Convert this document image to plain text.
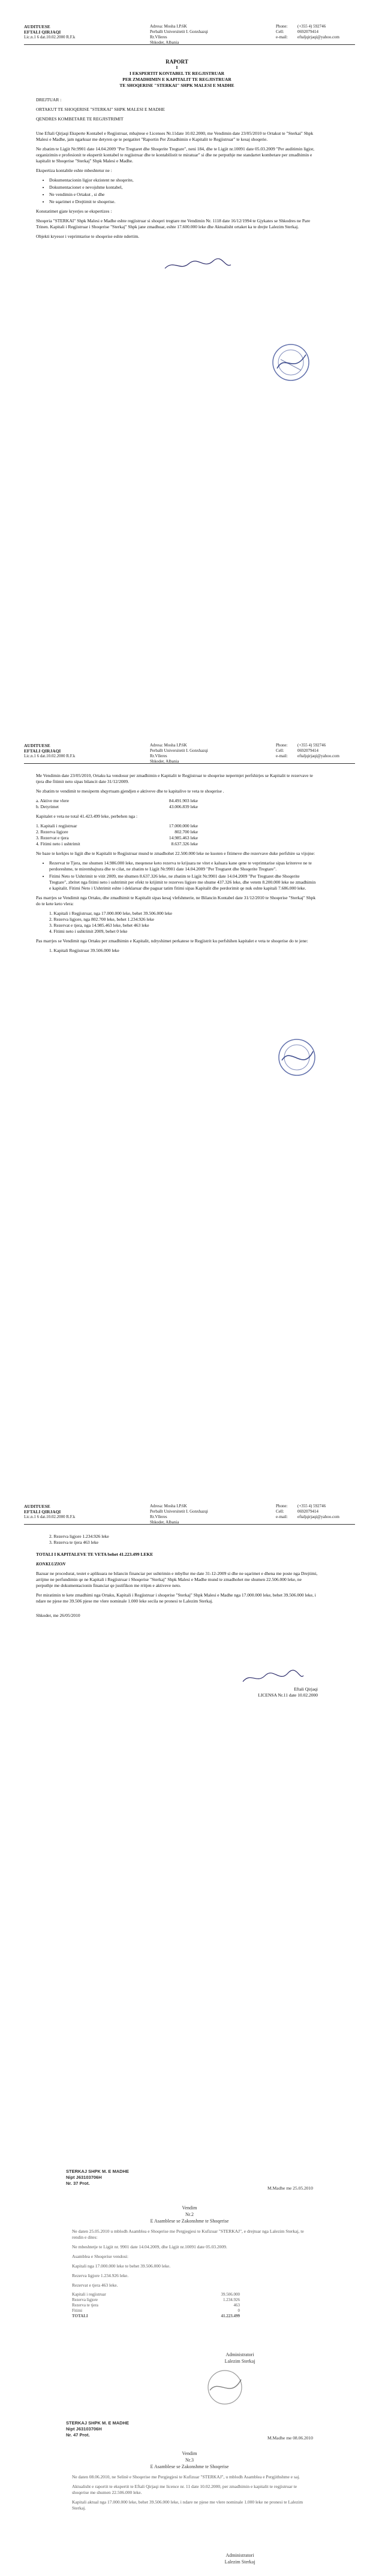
AUDITUESE
EFTALI QIRJAQI
Lic.n.1 6 dat.10.02.2000 R.F.k
Adresa: Mosha I.P.6K
Perballt Universitetit I. Gonxhazqi
Rr.Vlleres
Shkoder, Albania
Phone:	(+355 4) 592746
Cell:	0692079414
e-mail:	eftaljqirjaqi@yahoo.com
RAPORT
I
I EKSPERTIT KONTABEL TE REGJISTRUAR
PER ZMADHIMIN E KAPITALIT TE REGJISTRUAR
TE SHOQERISE "STERKAI" SHPK MALESI E MADHE

DREJTUAR :

ORTAKUT TE SHOQERISE "STERKAI" SHPK MALESI E MADHE

QENDRES KOMBETARE TE REGJISTRIMIT

Une Eftali Qirjaqi Eksperte Kontabel e Regjistruar, mbajtese e Licenses Nr.11date 10.02.2000, me Vendimin date 23/05/2010 te Ortakut te "Sterkai" Shpk Malesi e Madhe, jam ngarkuar me detyren qe te pergatitet "Raportin Per Zmadhimin e Kapitalit te Regjistruar" te kesaj shoqerie.

Ne zbatim te Ligjit Nr.9901 date 14.04.2009 "Per Tregtaret dhe Shoqerite Tregtare", neni 184, dhe te Ligjit nr.10091 date 05.03.2009 "Per auditimin ligjor, organizimin e profesionit te ekspertit kontabel te regjistruar dhe te kontabilistit te miratuar" si dhe ne perputhje me standartet kombetare per zmadhimin e kapitalit te Shoqerise "Sterkaj" Shpk Malesi e Madhe.

Ekspertiza kontabile eshte mbeshtetur ne :

• Dokumentacionin ligjor ekzistent ne shoqerite,
• Dokumentacionet e nevojshme kontabel,
• Ne vendimin e Ortakut , si dhe
• Ne sqarimet e Drejtimit te shoqerise.

Konstatimet gjate kryerjes se ekspertizes :

Shoqeria "STERKAI" Shpk Malesi e Madhe eshte regjistruar si shoqeri tregtare me Vendimin Nr. 1118 date 16/12/1994 te Gjykates se Shkodres ne Pare Trinen. Kapitali i Regjistruar i Shoqerise "Sterkaj" Shpk jane zmadhuar, eshte 17.600.000 leke dhe Aktualisht ortaket ka te drejte Lalezim Sterkaj.

Objekti kryesor i veprimtarise te shoqerise eshte ndertim.

AUDITUESE
EFTALI QIRJAQI
Lic.n.1 6 dat.10.02.2000 R.F.k
Adresa: Mosha I.P.6K
Perballt Universitetit I. Gonxhazqi
Rr.Vlleres
Shkoder, Albania
Phone:	(+355 4) 592746
Cell:	0692079414
e-mail:	eftaljqirjaqi@yahoo.com

Me Vendimin date 23/05/2010, Ortaku ka vendosur per zmadhimin e Kapitalit te Regjistruar te shoqerise nepermjet perfshirjes se Kapitalit te rezervave te tjera dhe fitimit neto sipas bilancit date 31/12/2009.

Ne zbatim te vendimit te mesiperm shqyrtuam gjendjen e aktiveve dhe te kapitalive te veta te shoqerise .

a. Aktive me vlere	84.491.903 leke
b. Detyrimet	43.006.839 leke

Kapitalet e veta ne total 41.423.499 leke, perbehen nga :

1. Kapitali i regjistruar	17.000.000 leke
2. Rezerva ligjore	802.700 leke
3. Rezervat e tjera	14.985.463 leke
4. Fitimi neto i ushtrimit	8.637.326 leke

Ne baze te kerkjes te ligjit dhe te Kapitalit te Regjistruar mund te zmadhohet 22.500.000 leke ne kuoten e fitimeve dhe rezervave duke perfshire sa vijojne:

• Rezervat te Tjera, me shumen 14.986.000 leke, meqenese keto rezerva te krijuara ne vitet e kaluara kane qene te veprimtarise sipas kritereve ne te perdoreshme, te mirembajtura dhe te cilat, ne zbatim te Ligjit Nr.9901 date 14.04.2009 "Per Tregtaret dhe Shoqerite Tregtare".
• Fitimi Neto te Ushtrimit te vitit 2009, me shumen 8.637.326 leke, ne zbatim te Ligjit Nr.9901 date 14.04.2009 "Per Tregtaret dhe Shoqerite Tregtare", zbritet nga fitimi neto i ushtrimit per efekt te krijimit te rezerves ligjore me shume 437.326 leke, dhe vetem 8.200.000 leke ne zmadhimin e kapitalit. Fitimi Neto i Ushtrimit eshte i deklaruar dhe paguar tatim fitimi sipas Kapitalit dhe perdorimit qe nuk eshte kapitali 7.686.000 leke.

Pas marrjes se Vendimit nga Ortaku, dhe zmadhimit te Kapitalit sipas kesaj vlefshmerie, ne Bilancin Kontabel date 31/12/2010 te Shoqerise "Sterkaj" Shpk do te kete keto vlera:

1. Kapitali i Regjistruar, nga 17.000.000 leke, behet 39.506.000 leke
2. Rezerva ligjore, nga 802.700 leke, behet 1.234.926 leke
3. Rezervat e tjera, nga 14.985.463 leke, behet 463 leke
4. Fitimi neto i ushtrimit 2009, behet 0 leke

Pas marrjes se Vendimit nga Ortaku per zmadhimin e Kapitalit, ndryshimet perkatese te Regjistrit ku perfshihen kapitalet e veta te shoqerise do te jene:

1. Kapitali Regjistruar 39.506.000 leke

AUDITUESE
EFTALI QIRJAQI
Lic.n.1 6 dat.10.02.2000 R.F.k
Adresa: Mosha I.P.6K
Perballt Universitetit I. Gonxhazqi
Rr.Vlleres
Shkoder, Albania
Phone:	(+355 4) 592746
Cell:	0692079414
e-mail:	eftaljqirjaqi@yahoo.com
2. Rezerva ligjore 1.234.926 leke
3. Rezerva te tjera 463 leke

TOTALI I KAPITALEVE TE VETA behet 41.223.499 LEKE

KONKLUZION

Bazuar ne procedurat, testet e aplikuara ne bilancin financiar per ushtrimin e mbyllur me date 31-12-2009 si dhe ne sqarimet e dhena me poste nga Drejtimi, arrijme ne perfundimin qe ne Kapitali i Regjistruar i Shoqerise "Sterkaj" Shpk Malesi e Madhe mund te zmadhohet me shumen 22.506.000 leke, ne perputhje me dokumentacionin financiar qe justifikon me rritjen e aktiveve neto.

Per miratimin te kete zmadhimi nga Ortaku, Kapitali i Regjistruar i shoqerise "Sterkaj" Shpk Malesi e Madhe nga 17.000.000 leke, behet 39.506.000 leke, i ndare ne pjese me 39.506 pjese me vlere nominale 1.000 leke secila ne pronesi te Lalezim Sterkaj.

Shkoder, me 26/05/2010

Eftali Qirjaqi
LICENSA Nr.11 date 10.02.2000
STERKAJ SHPK M. E MADHE
Nipt J63103706H
Nr. 37 Prot.
M.Madhe me 25.05.2010
Vendim
Nr.2
E Asamblese se Zakonshme te Shoqerise

Ne daten 25.05.2010 u mblodh Asamblea e Shoqerise me Pergjegjesi te Kufizuar "STERKAJ", e drejtuar nga Lalezim Sterkaj, te rendin e dites:

Ne mbeshtetje te Ligjit nr. 9901 date 14.04.2009, dhe Ligjit nr.10091 date 05.03.2009.

Asamblea e Shoqerise vendosi:

Kapitali nga 17.000.000 leke te behet 39.506.000 leke.

Rezerva ligjore 1.234.926 leke.

Rezervat e tjera 463 leke.

Kapitali i regjistruar	39.506.000
Rezerva ligjore	1.234.926
Rezerva te tjera	463
Fitimi	0
TOTALI	41.223.499
Administratori
Lalezim Sterkaj
STERKAJ SHPK M. E MADHE
Nipt J63103706H
Nr. 47 Prot.
M.Madhe me 08.06.2010
Vendim
Nr.3
E Asamblese se Zakonshme te Shoqerise

Ne daten 08.06.2010, ne Selinë e Shoqerise me Pergjegjesi te Kufizuar "STERKAJ", u mblodh Asamblea e Pergjithshme e saj.

Aktualisht e raportit te ekspertit te Eftali Qirjaqi me licence nr. 11 date 10.02.2000, per zmadhimin e kapitalit te regjistruar te shoqerise me shumen 22.506.000 leke.

Kapitali aktual nga 17.000.000 leke, behet 39.506.000 leke, i ndare ne pjese me vlere nominale 1.000 leke ne pronesi te Lalezim Sterkaj.

Administratori
Lalezim Sterkaj
